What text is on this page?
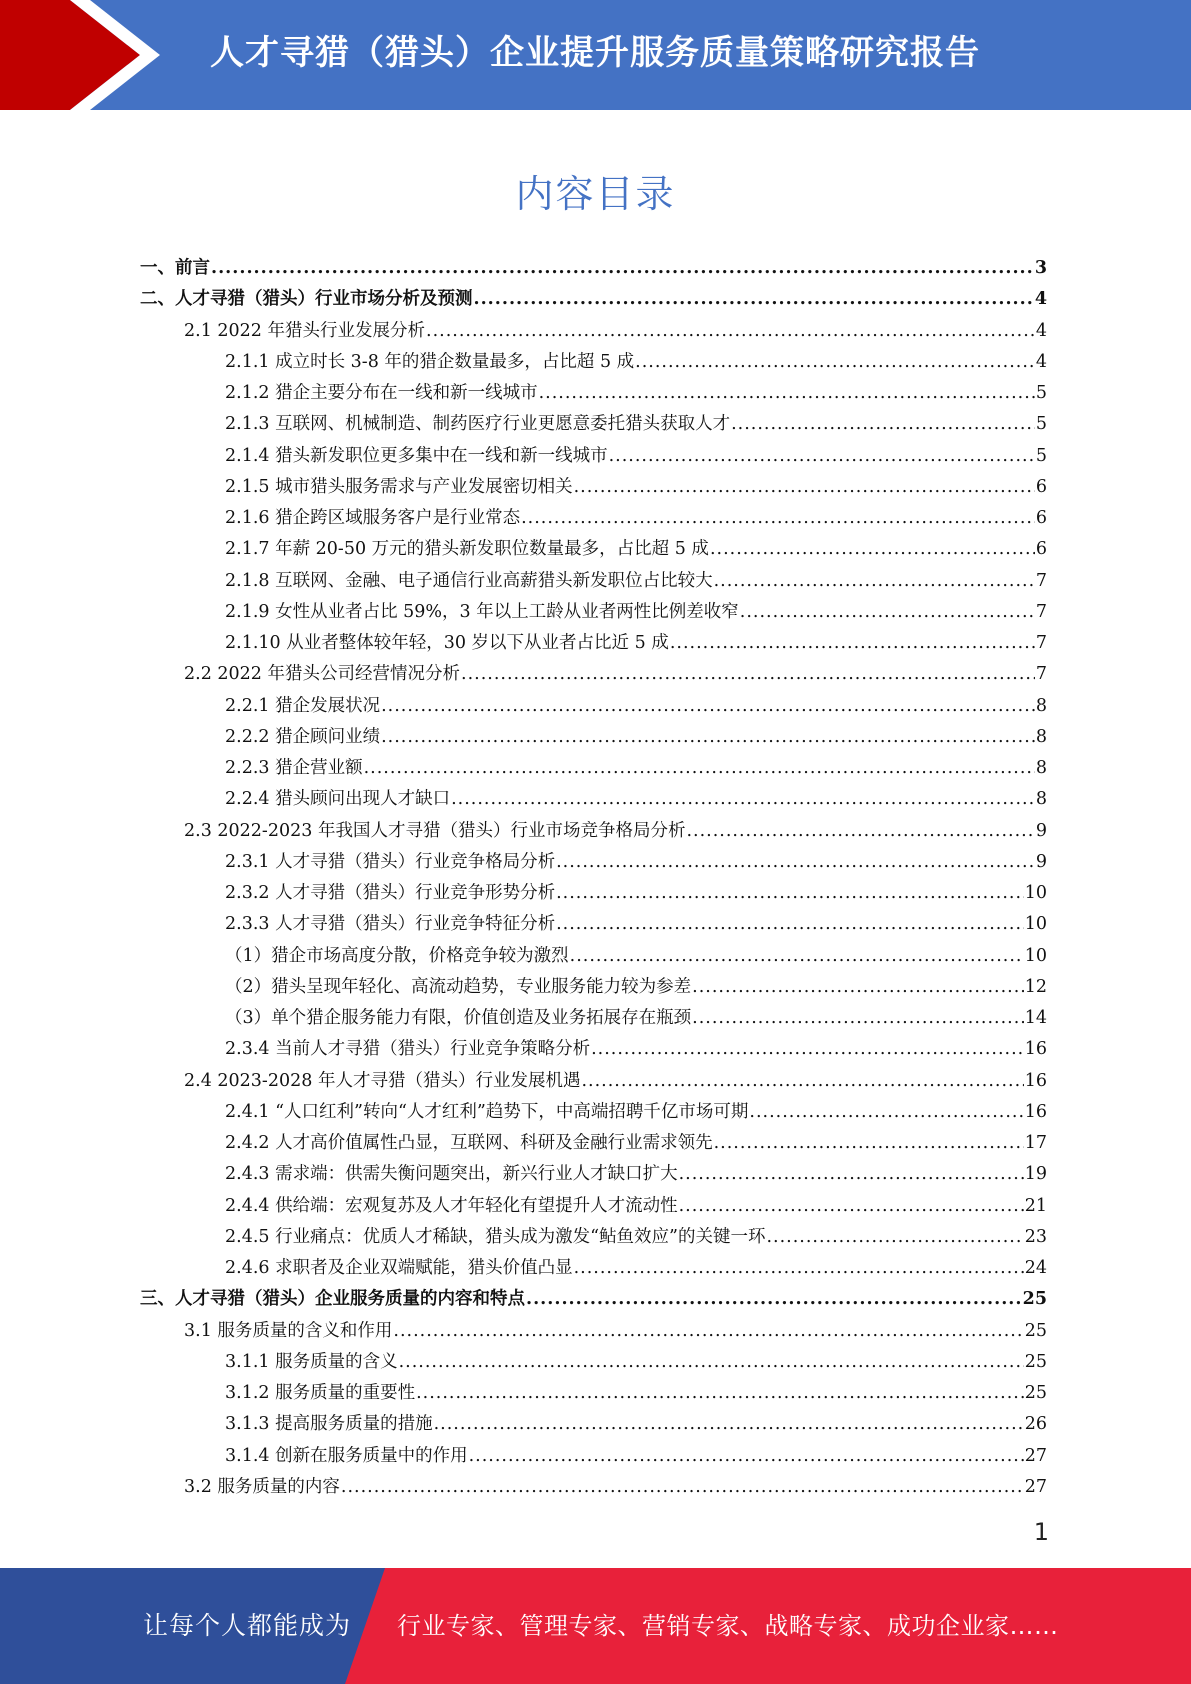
人才寻猎（猎头）企业提升服务质量策略研究报告
内容目录
一、前言 .....	3
二、人才寻猎（猎头）行业市场分析及预测 .....	4
2.1 2022 年猎头行业发展分析 .....	4
2.1.1 成立时长 3-8 年的猎企数量最多，占比超 5 成 .....	4
2.1.2 猎企主要分布在一线和新一线城市 .....	5
2.1.3 互联网、机械制造、制药医疗行业更愿意委托猎头获取人才 .....	5
2.1.4 猎头新发职位更多集中在一线和新一线城市 .....	5
2.1.5 城市猎头服务需求与产业发展密切相关 .....	6
2.1.6 猎企跨区域服务客户是行业常态 .....	6
2.1.7 年薪 20-50 万元的猎头新发职位数量最多，占比超 5 成 .....	6
2.1.8 互联网、金融、电子通信行业高薪猎头新发职位占比较大 .....	7
2.1.9 女性从业者占比 59%，3 年以上工龄从业者两性比例差收窄 .....	7
2.1.10 从业者整体较年轻，30 岁以下从业者占比近 5 成 .....	7
2.2 2022 年猎头公司经营情况分析 .....	7
2.2.1 猎企发展状况 .....	8
2.2.2 猎企顾问业绩 .....	8
2.2.3 猎企营业额 .....	8
2.2.4 猎头顾问出现人才缺口 .....	8
2.3 2022-2023 年我国人才寻猎（猎头）行业市场竞争格局分析 .....	9
2.3.1 人才寻猎（猎头）行业竞争格局分析 .....	9
2.3.2 人才寻猎（猎头）行业竞争形势分析 .....	10
2.3.3 人才寻猎（猎头）行业竞争特征分析 .....	10
（1）猎企市场高度分散，价格竞争较为激烈 .....	10
（2）猎头呈现年轻化、高流动趋势，专业服务能力较为参差 .....	12
（3）单个猎企服务能力有限，价值创造及业务拓展存在瓶颈 .....	14
2.3.4 当前人才寻猎（猎头）行业竞争策略分析 .....	16
2.4 2023-2028 年人才寻猎（猎头）行业发展机遇 .....	16
2.4.1 “人口红利”转向“人才红利”趋势下，中高端招聘千亿市场可期 .....	16
2.4.2 人才高价值属性凸显，互联网、科研及金融行业需求领先 .....	17
2.4.3 需求端：供需失衡问题突出，新兴行业人才缺口扩大 .....	19
2.4.4 供给端：宏观复苏及人才年轻化有望提升人才流动性 .....	21
2.4.5 行业痛点：优质人才稀缺，猎头成为激发“鲇鱼效应”的关键一环 .....	23
2.4.6 求职者及企业双端赋能，猎头价值凸显 .....	24
三、人才寻猎（猎头）企业服务质量的内容和特点 .....	25
3.1 服务质量的含义和作用 .....	25
3.1.1 服务质量的含义 .....	25
3.1.2 服务质量的重要性 .....	25
3.1.3 提高服务质量的措施 .....	26
3.1.4 创新在服务质量中的作用 .....	27
3.2 服务质量的内容 .....	27
1
让每个人都能成为 行业专家、管理专家、营销专家、战略专家、成功企业家……
